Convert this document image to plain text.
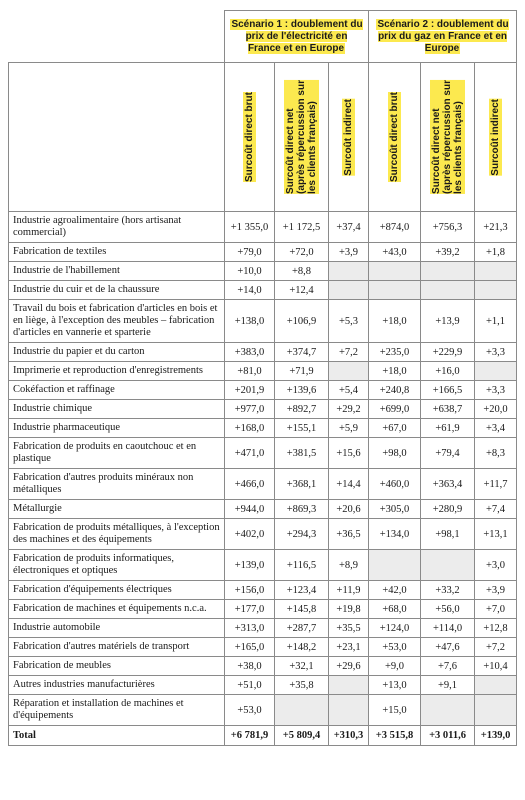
	Scénario 1 : doublement du prix de l'électricité en France et en Europe			Scénario 2 : doublement du prix du gaz en France et en Europe		

	Surcoût direct brut	Surcoût direct net
(après répercussion sur
les clients français)	Surcoût indirect	Surcoût direct brut	Surcoût direct net
(après répercussion sur
les clients français)	Surcoût indirect

Industrie agroalimentaire (hors artisanat commercial)	+1 355,0	+1 172,5	+37,4	+874,0	+756,3	+21,3
Fabrication de textiles	+79,0	+72,0	+3,9	+43,0	+39,2	+1,8
Industrie de l'habillement	+10,0	+8,8				
Industrie du cuir et de la chaussure	+14,0	+12,4				
Travail du bois et fabrication d'articles en bois et en liège, à l'exception des meubles – fabrication d'articles en vannerie et sparterie	+138,0	+106,9	+5,3	+18,0	+13,9	+1,1
Industrie du papier et du carton	+383,0	+374,7	+7,2	+235,0	+229,9	+3,3
Imprimerie et reproduction d'enregistrements	+81,0	+71,9		+18,0	+16,0	
Cokéfaction et raffinage	+201,9	+139,6	+5,4	+240,8	+166,5	+3,3
Industrie chimique	+977,0	+892,7	+29,2	+699,0	+638,7	+20,0
Industrie pharmaceutique	+168,0	+155,1	+5,9	+67,0	+61,9	+3,4
Fabrication de produits en caoutchouc et en plastique	+471,0	+381,5	+15,6	+98,0	+79,4	+8,3
Fabrication d'autres produits minéraux non métalliques	+466,0	+368,1	+14,4	+460,0	+363,4	+11,7
Métallurgie	+944,0	+869,3	+20,6	+305,0	+280,9	+7,4
Fabrication de produits métalliques, à l'exception des machines et des équipements	+402,0	+294,3	+36,5	+134,0	+98,1	+13,1
Fabrication de produits informatiques, électroniques et optiques	+139,0	+116,5	+8,9			+3,0
Fabrication d'équipements électriques	+156,0	+123,4	+11,9	+42,0	+33,2	+3,9
Fabrication de machines et équipements n.c.a.	+177,0	+145,8	+19,8	+68,0	+56,0	+7,0
Industrie automobile	+313,0	+287,7	+35,5	+124,0	+114,0	+12,8
Fabrication d'autres matériels de transport	+165,0	+148,2	+23,1	+53,0	+47,6	+7,2
Fabrication de meubles	+38,0	+32,1	+29,6	+9,0	+7,6	+10,4
Autres industries manufacturières	+51,0	+35,8		+13,0	+9,1	
Réparation et installation de machines et d'équipements	+53,0			+15,0		
Total	+6 781,9	+5 809,4	+310,3	+3 515,8	+3 011,6	+139,0
